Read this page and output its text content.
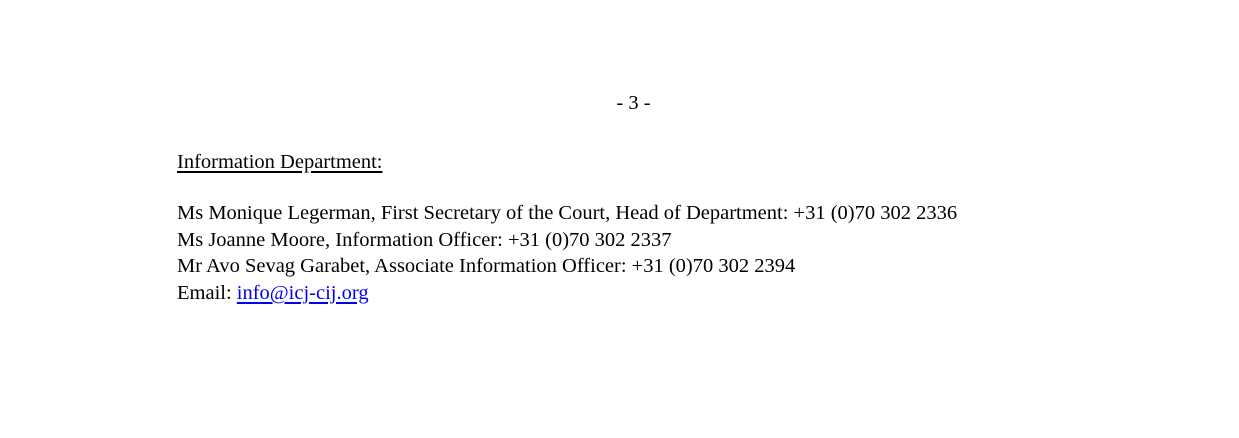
- 3 -
Information Department:
Ms Monique Legerman, First Secretary of the Court, Head of Department: +31 (0)70 302 2336
Ms Joanne Moore, Information Officer: +31 (0)70 302 2337
Mr Avo Sevag Garabet, Associate Information Officer: +31 (0)70 302 2394
Email: info@icj-cij.org
